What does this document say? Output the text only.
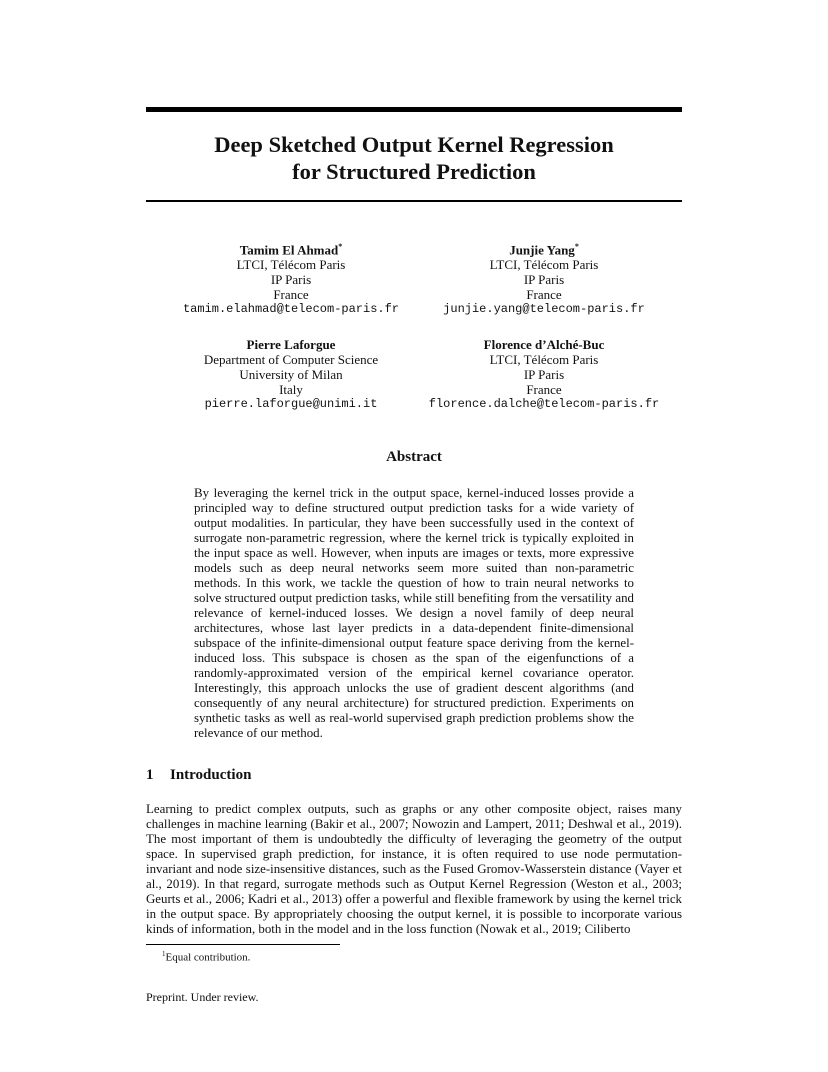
Deep Sketched Output Kernel Regression
for Structured Prediction
Tamim El Ahmad*
LTCI, Télécom Paris
IP Paris
France
tamim.elahmad@telecom-paris.fr
Junjie Yang*
LTCI, Télécom Paris
IP Paris
France
junjie.yang@telecom-paris.fr
Pierre Laforgue
Department of Computer Science
University of Milan
Italy
pierre.laforgue@unimi.it
Florence d’Alché-Buc
LTCI, Télécom Paris
IP Paris
France
florence.dalche@telecom-paris.fr
Abstract
By leveraging the kernel trick in the output space, kernel-induced losses provide a principled way to define structured output prediction tasks for a wide variety of output modalities. In particular, they have been successfully used in the context of surrogate non-parametric regression, where the kernel trick is typically exploited in the input space as well. However, when inputs are images or texts, more expressive models such as deep neural networks seem more suited than non-parametric methods. In this work, we tackle the question of how to train neural networks to solve structured output prediction tasks, while still benefiting from the versatility and relevance of kernel-induced losses. We design a novel family of deep neural architectures, whose last layer predicts in a data-dependent finite-dimensional subspace of the infinite-dimensional output feature space deriving from the kernel-induced loss. This subspace is chosen as the span of the eigenfunctions of a randomly-approximated version of the empirical kernel covariance operator. Interestingly, this approach unlocks the use of gradient descent algorithms (and consequently of any neural architecture) for structured prediction. Experiments on synthetic tasks as well as real-world supervised graph prediction problems show the relevance of our method.
1 Introduction
Learning to predict complex outputs, such as graphs or any other composite object, raises many challenges in machine learning (Bakir et al., 2007; Nowozin and Lampert, 2011; Deshwal et al., 2019). The most important of them is undoubtedly the difficulty of leveraging the geometry of the output space. In supervised graph prediction, for instance, it is often required to use node permutation-invariant and node size-insensitive distances, such as the Fused Gromov-Wasserstein distance (Vayer et al., 2019). In that regard, surrogate methods such as Output Kernel Regression (Weston et al., 2003; Geurts et al., 2006; Kadri et al., 2013) offer a powerful and flexible framework by using the kernel trick in the output space. By appropriately choosing the output kernel, it is possible to incorporate various kinds of information, both in the model and in the loss function (Nowak et al., 2019; Ciliberto
$^1$Equal contribution.
Preprint. Under review.
